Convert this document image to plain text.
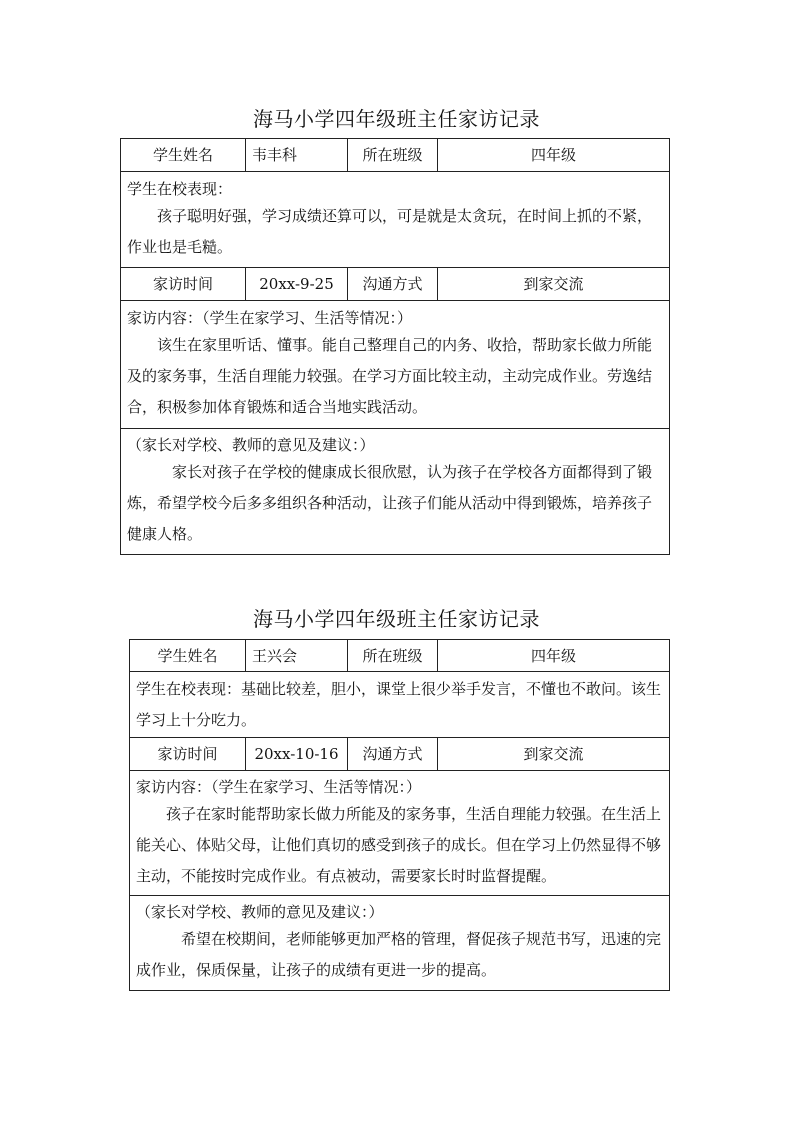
海马小学四年级班主任家访记录
学生姓名	韦丰科	所在班级	四年级

学生在校表现：
孩子聪明好强，学习成绩还算可以，可是就是太贪玩，在时间上抓的不紧，作业也是毛糙。			

家访时间	20xx-9-25	沟通方式	到家交流

家访内容：（学生在家学习、生活等情况：）
该生在家里听话、懂事。能自己整理自己的内务、收拾，帮助家长做力所能及的家务事，生活自理能力较强。在学习方面比较主动，主动完成作业。劳逸结合，积极参加体育锻炼和适合当地实践活动。			

（家长对学校、教师的意见及建议：）
家长对孩子在学校的健康成长很欣慰，认为孩子在学校各方面都得到了锻炼，希望学校今后多多组织各种活动，让孩子们能从活动中得到锻炼，培养孩子健康人格。			
海马小学四年级班主任家访记录
学生姓名	王兴会	所在班级	四年级

学生在校表现：基础比较差，胆小，课堂上很少举手发言，不懂也不敢问。该生学习上十分吃力。			

家访时间	20xx-10-16	沟通方式	到家交流

家访内容：（学生在家学习、生活等情况：）
孩子在家时能帮助家长做力所能及的家务事，生活自理能力较强。在生活上能关心、体贴父母，让他们真切的感受到孩子的成长。但在学习上仍然显得不够主动，不能按时完成作业。有点被动，需要家长时时监督提醒。			

（家长对学校、教师的意见及建议：）
希望在校期间，老师能够更加严格的管理，督促孩子规范书写，迅速的完成作业，保质保量，让孩子的成绩有更进一步的提高。			
